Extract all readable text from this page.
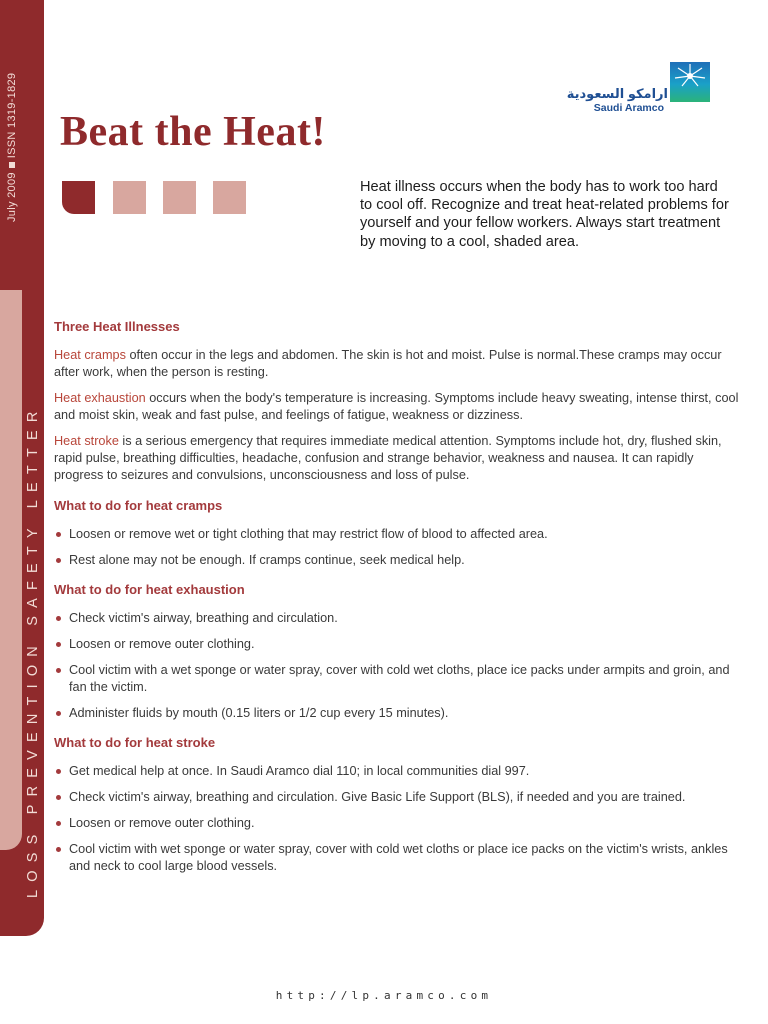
July 2009ISSN 1319-1829
LOSS PREVENTION SAFETY LETTER
ارامكو السعودية
Saudi Aramco
Beat the Heat!

Heat illness occurs when the body has to work too hard to cool off. Recognize and treat heat-related problems for yourself and your fellow workers. Always start treatment by moving to a cool, shaded area.

Three Heat Illnesses

Heat cramps often occur in the legs and abdomen. The skin is hot and moist. Pulse is normal.These cramps may occur after work, when the person is resting.

Heat exhaustion occurs when the body's temperature is increasing. Symptoms include heavy sweating, intense thirst, cool and moist skin, weak and fast pulse, and feelings of fatigue, weakness or dizziness.

Heat stroke is a serious emergency that requires immediate medical attention. Symptoms include hot, dry, flushed skin, rapid pulse, breathing difficulties, headache, confusion and strange behavior, weakness and nausea. It can rapidly progress to seizures and convulsions, unconsciousness and loss of pulse.

What to do for heat cramps

Loosen or remove wet or tight clothing that may restrict flow of blood to affected area.
Rest alone may not be enough. If cramps continue, seek medical help.

What to do for heat exhaustion

Check victim's airway, breathing and circulation.
Loosen or remove outer clothing.
Cool victim with a wet sponge or water spray, cover with cold wet cloths, place ice packs under armpits and groin, and fan the victim.
Administer fluids by mouth (0.15 liters or 1/2 cup every 15 minutes).

What to do for heat stroke

Get medical help at once. In Saudi Aramco dial 110; in local communities dial 997.
Check victim's airway, breathing and circulation. Give Basic Life Support (BLS), if needed and you are trained.
Loosen or remove outer clothing.
Cool victim with wet sponge or water spray, cover with cold wet cloths or place ice packs on the victim's wrists, ankles and neck to cool large blood vessels.
http://lp.aramco.com
